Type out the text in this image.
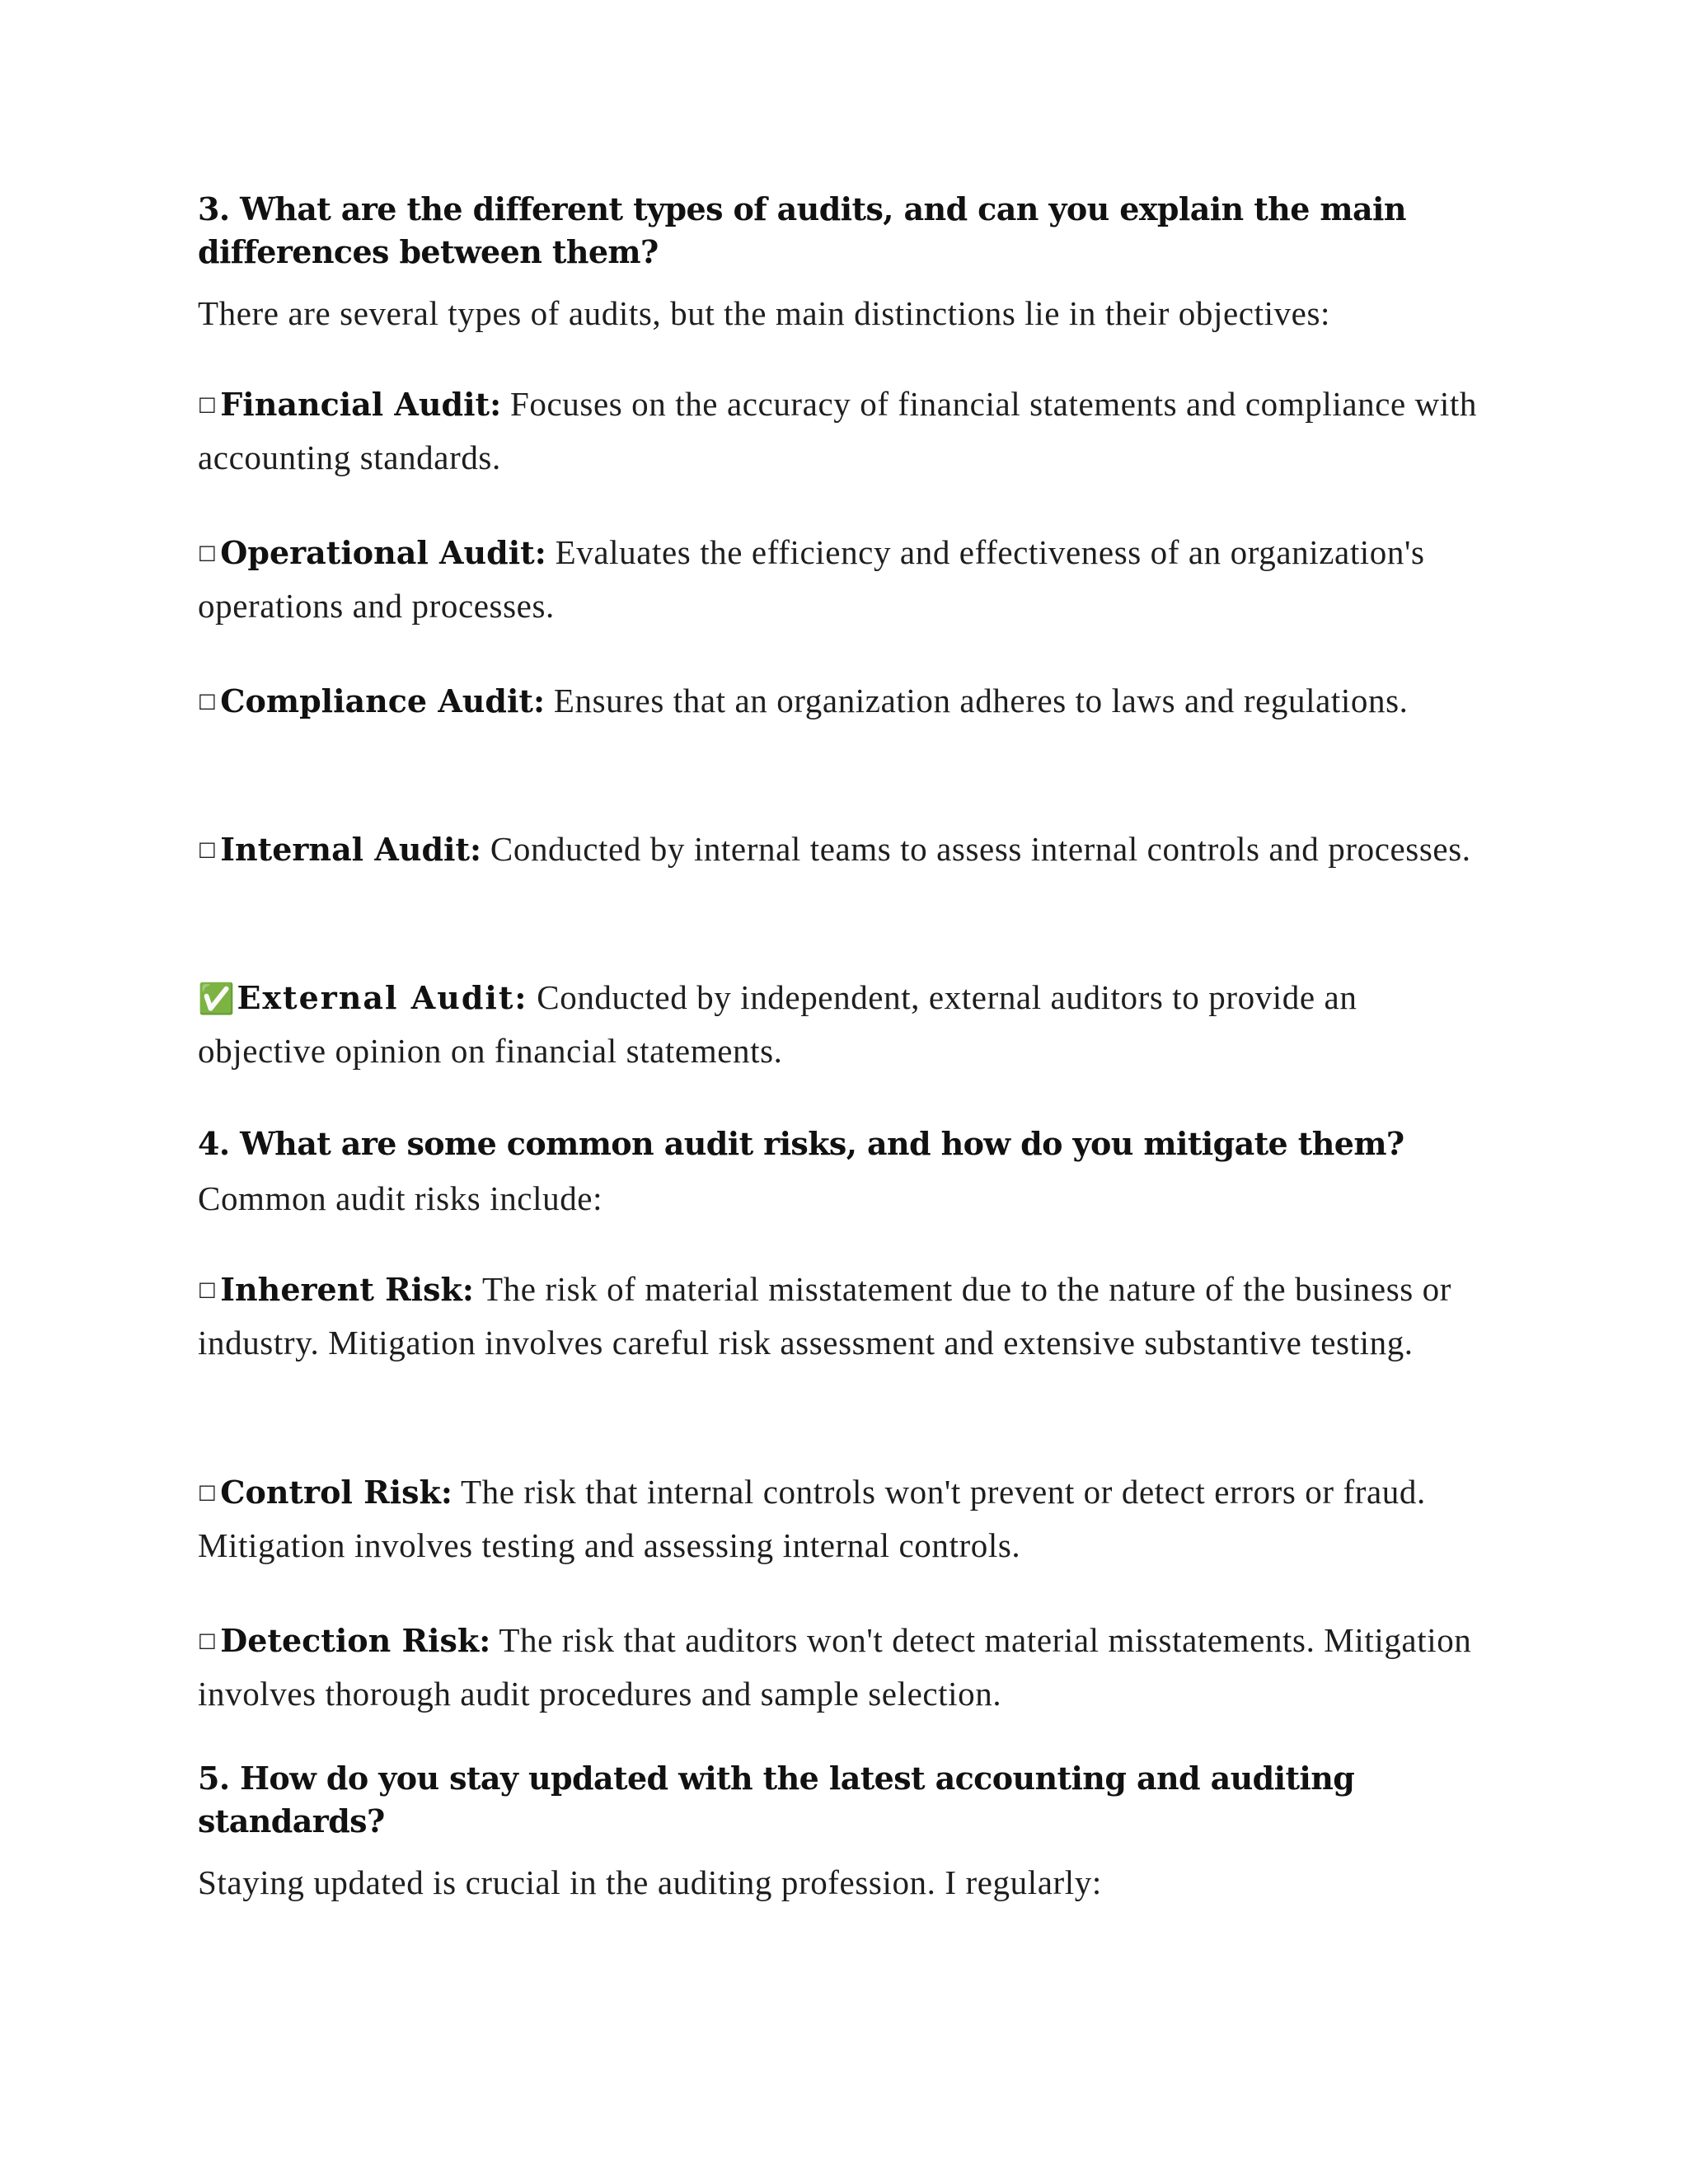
3. What are the different types of audits, and can you explain the main differences between them?
There are several types of audits, but the main distinctions lie in their objectives:
□ Financial Audit: Focuses on the accuracy of financial statements and compliance with accounting standards.
□ Operational Audit: Evaluates the efficiency and effectiveness of an organization's operations and processes.
□ Compliance Audit: Ensures that an organization adheres to laws and regulations.
□ Internal Audit: Conducted by internal teams to assess internal controls and processes.
✅External Audit: Conducted by independent, external auditors to provide an objective opinion on financial statements.
4. What are some common audit risks, and how do you mitigate them?
Common audit risks include:
□ Inherent Risk: The risk of material misstatement due to the nature of the business or industry. Mitigation involves careful risk assessment and extensive substantive testing.
□ Control Risk: The risk that internal controls won't prevent or detect errors or fraud. Mitigation involves testing and assessing internal controls.
□ Detection Risk: The risk that auditors won't detect material misstatements. Mitigation involves thorough audit procedures and sample selection.
5. How do you stay updated with the latest accounting and auditing standards?
Staying updated is crucial in the auditing profession. I regularly:
